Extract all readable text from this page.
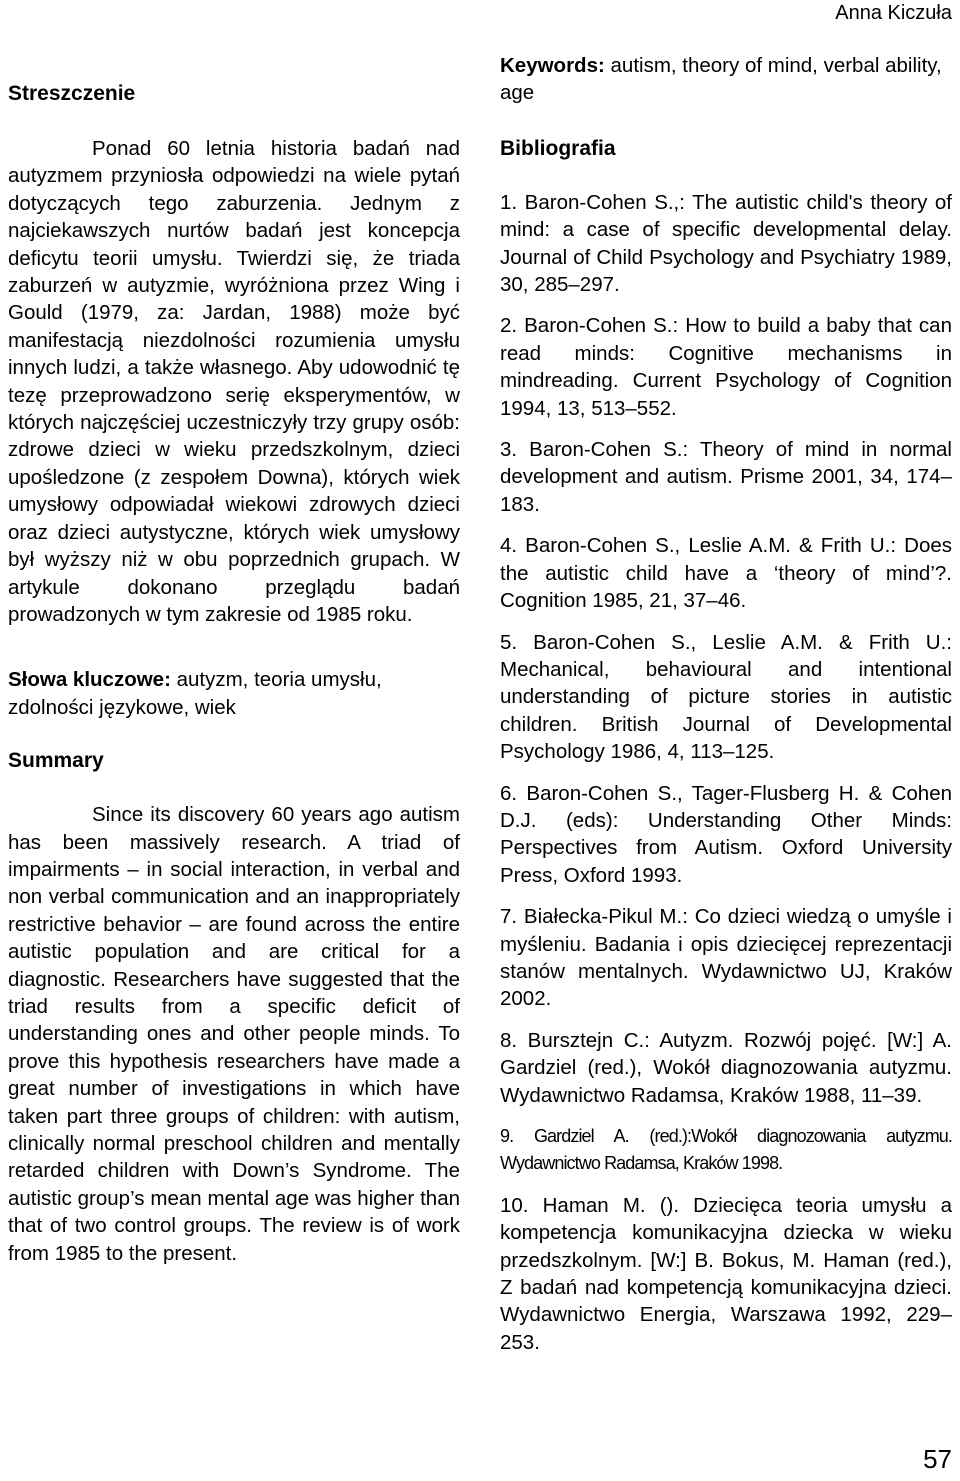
Anna Kiczuła
Streszczenie

Ponad 60 letnia historia badań nad autyzmem przyniosła odpowiedzi na wiele pytań dotyczących tego zaburzenia. Jednym z najciekawszych nurtów badań jest koncepcja deficytu teorii umysłu. Twierdzi się, że triada zaburzeń w autyzmie, wyróżniona przez Wing i Gould (1979, za: Jardan, 1988) może być manifestacją niezdolności rozumienia umysłu innych ludzi, a także własnego. Aby udowodnić tę tezę przeprowadzono serię eksperymentów, w których najczęściej uczestniczyły trzy grupy osób: zdrowe dzieci w wieku przedszkolnym, dzieci upośledzone (z zespołem Downa), których wiek umysłowy odpowiadał wiekowi zdrowych dzieci oraz dzieci autystyczne, których wiek umysłowy był wyższy niż w obu poprzednich grupach. W artykule dokonano przeglądu badań prowadzonych w tym zakresie od 1985 roku.

Słowa kluczowe: autyzm, teoria umysłu, zdolności językowe, wiek

Summary

Since its discovery 60 years ago autism has been massively research. A triad of impairments – in social interaction, in verbal and non verbal communication and an inappropriately restrictive behavior – are found across the entire autistic population and are critical for a diagnostic. Researchers have suggested that the triad results from a specific deficit of understanding ones and other people minds. To prove this hypothesis researchers have made a great number of investigations in which have taken part three groups of children: with autism, clinically normal preschool children and mentally retarded children with Down’s Syndrome. The autistic group’s mean mental age was higher than that of two control groups. The review is of work from 1985 to the present.

Keywords: autism, theory of mind, verbal ability, age

Bibliografia
1. Baron-Cohen S.,: The autistic child's theory of mind: a case of specific developmental delay. Journal of Child Psychology and Psychiatry 1989, 30, 285–297.
2. Baron-Cohen S.: How to build a baby that can read minds: Cognitive mechanisms in mindreading. Current Psychology of Cognition 1994, 13, 513–552.
3. Baron-Cohen S.: Theory of mind in normal development and autism. Prisme 2001, 34, 174–183.
4. Baron-Cohen S., Leslie A.M. & Frith U.: Does the autistic child have a ‘theory of mind’?. Cognition 1985, 21, 37–46.
5. Baron-Cohen S., Leslie A.M. & Frith U.: Mechanical, behavioural and intentional understanding of picture stories in autistic children. British Journal of Developmental Psychology 1986, 4, 113–125.
6. Baron-Cohen S., Tager-Flusberg H. & Cohen D.J. (eds): Understanding Other Minds: Perspectives from Autism. Oxford University Press, Oxford 1993.
7. Białecka-Pikul M.: Co dzieci wiedzą o umyśle i myśleniu. Badania i opis dziecięcej reprezentacji stanów mentalnych. Wydawnictwo UJ, Kraków 2002.
8. Bursztejn C.: Autyzm. Rozwój pojęć. [W:] A. Gardziel (red.), Wokół diagnozowania autyzmu. Wydawnictwo Radamsa, Kraków 1988, 11–39.
9. Gardziel A. (red.):Wokół diagnozowania autyzmu. Wydawnictwo Radamsa, Kraków 1998.
10. Haman M. (). Dziecięca teoria umysłu a kompetencja komunikacyjna dziecka w wieku przedszkolnym. [W:] B. Bokus, M. Haman (red.), Z badań nad kompetencją komunikacyjna dzieci. Wydawnictwo Energia, Warszawa 1992, 229–253.
57
